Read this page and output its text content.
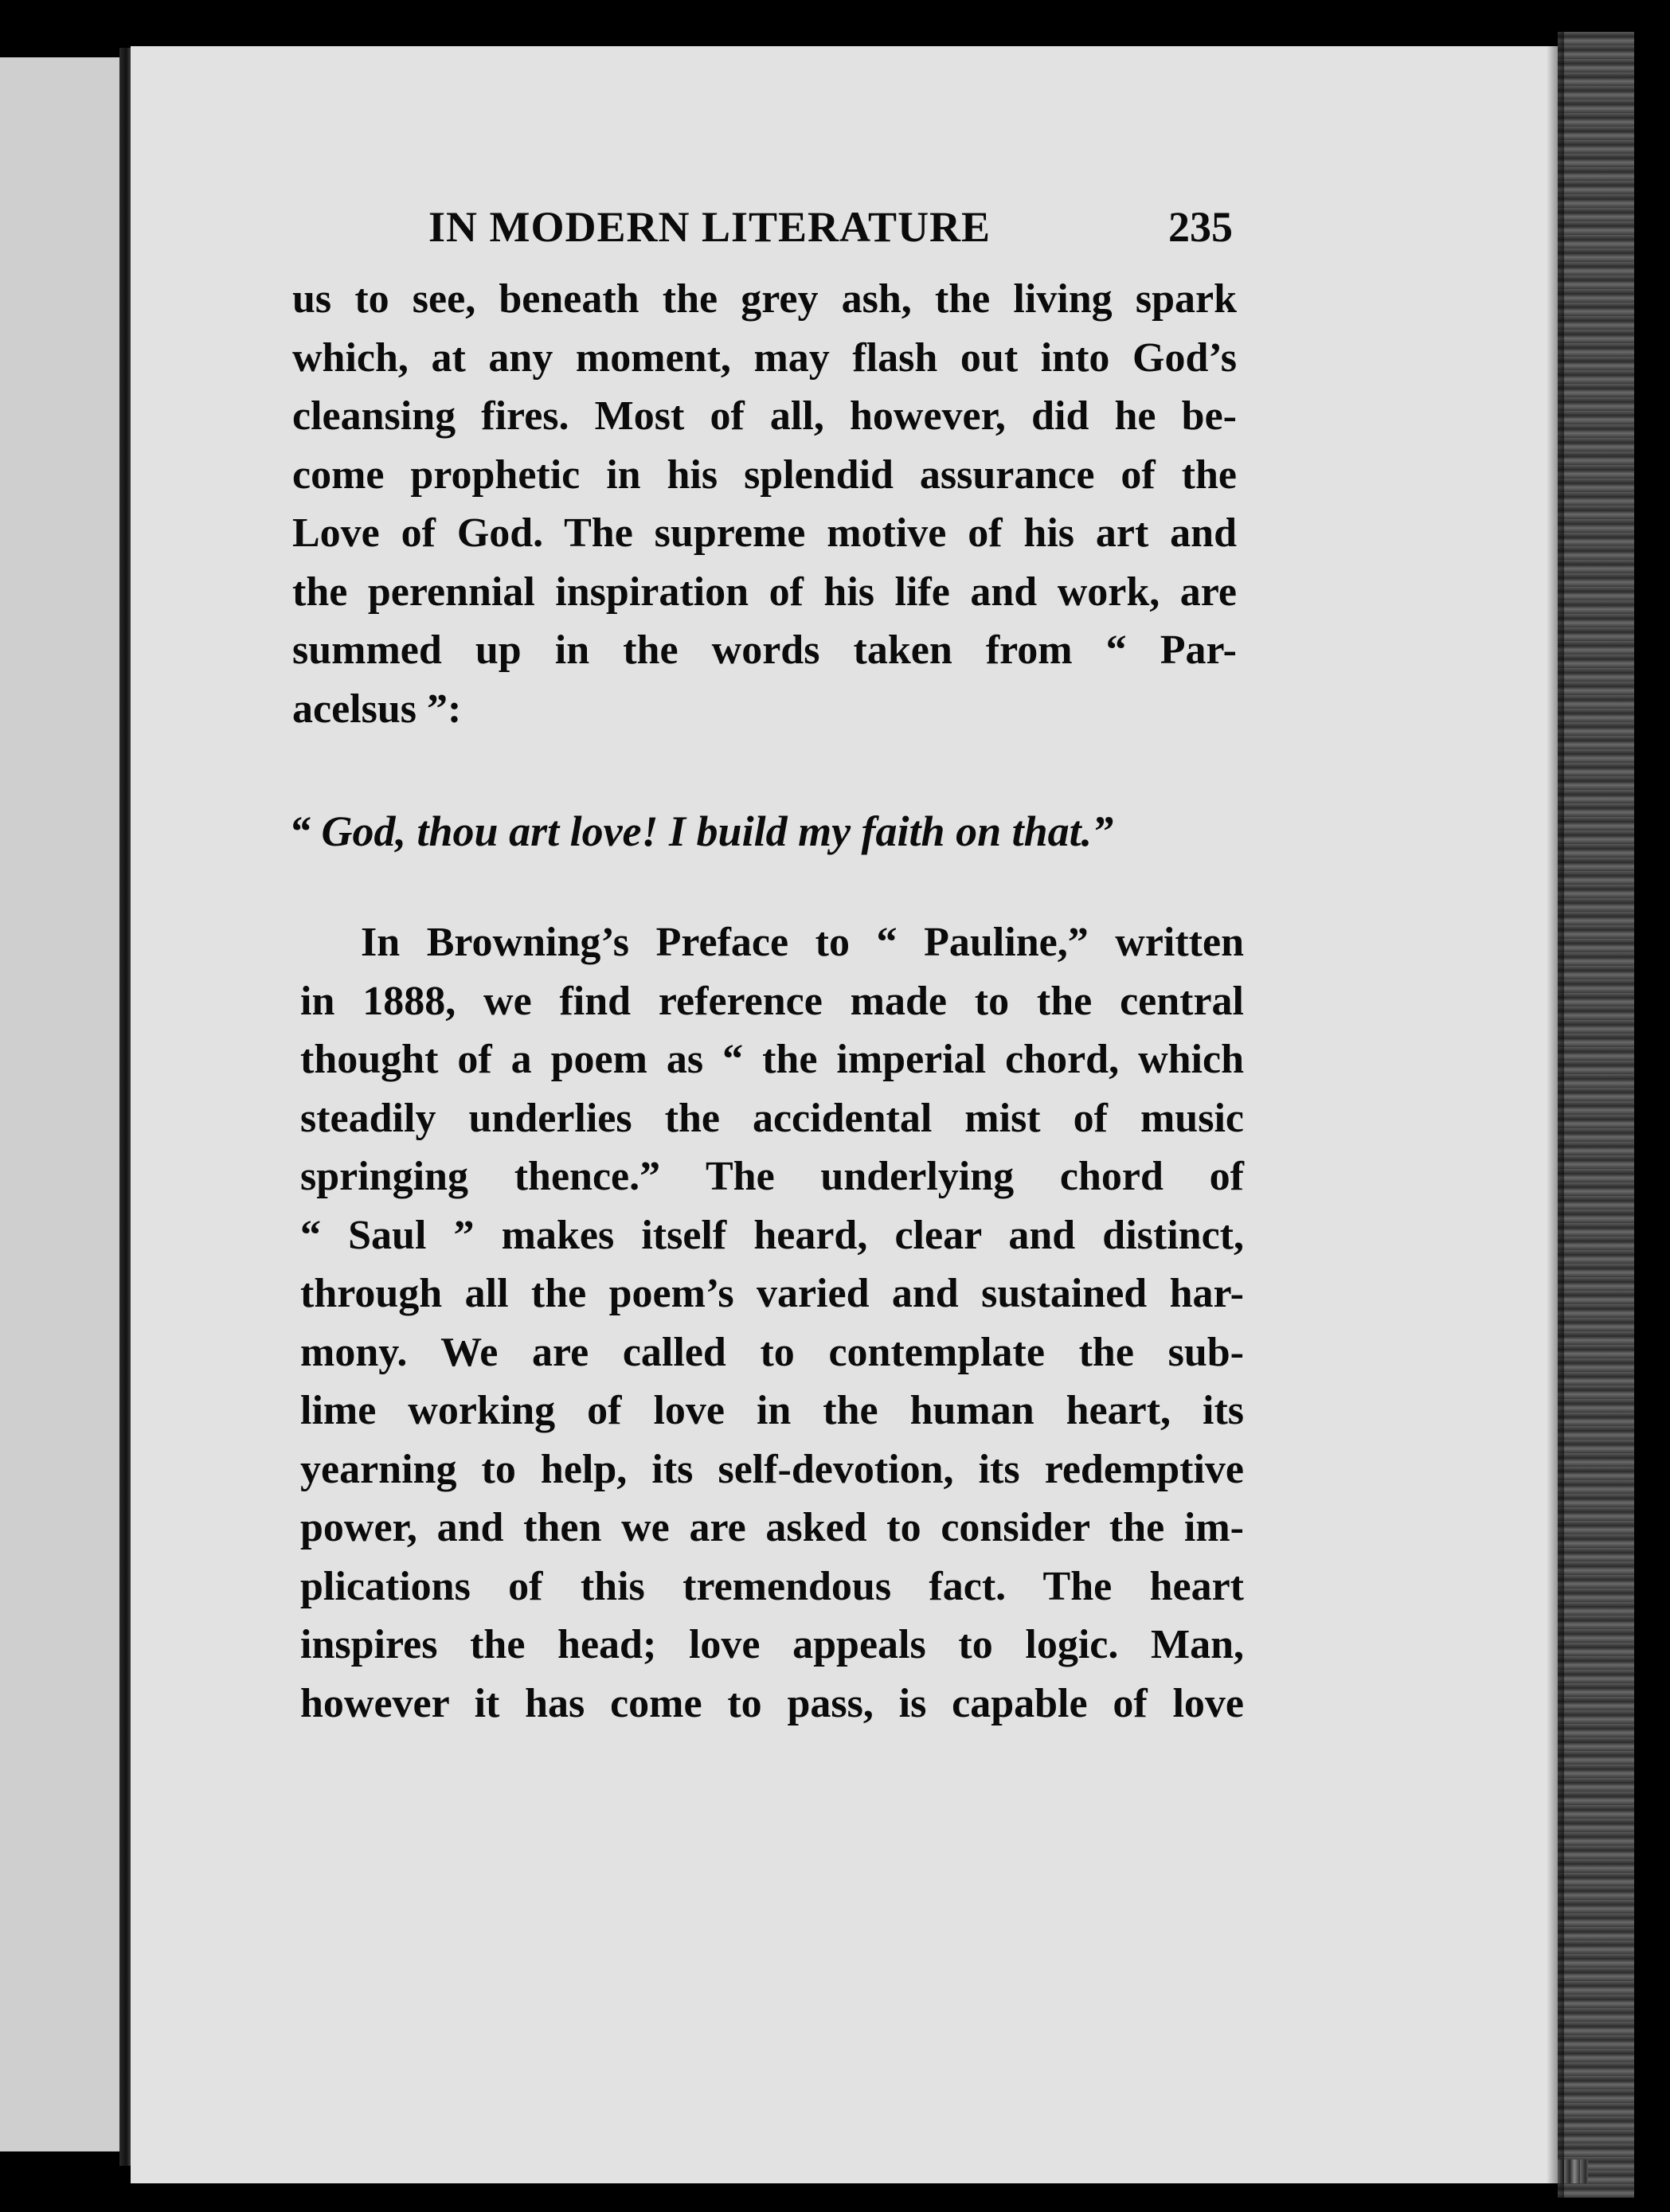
IN MODERN LITERATURE	235
us to see, beneath the grey ash, the living spark
which, at any moment, may flash out into God’s
cleansing fires. Most of all, however, did he be-
come prophetic in his splendid assurance of the
Love of God. The supreme motive of his art and
the perennial inspiration of his life and work, are
summed up in the words taken from “ Par-
acelsus ”:
“ God, thou art love! I build my faith on that.”
In Browning’s Preface to “ Pauline,” written
in 1888, we find reference made to the central
thought of a poem as “ the imperial chord, which
steadily underlies the accidental mist of music
springing thence.” The underlying chord of
“ Saul ” makes itself heard, clear and distinct,
through all the poem’s varied and sustained har-
mony. We are called to contemplate the sub-
lime working of love in the human heart, its
yearning to help, its self-devotion, its redemptive
power, and then we are asked to consider the im-
plications of this tremendous fact. The heart
inspires the head; love appeals to logic. Man,
however it has come to pass, is capable of love
